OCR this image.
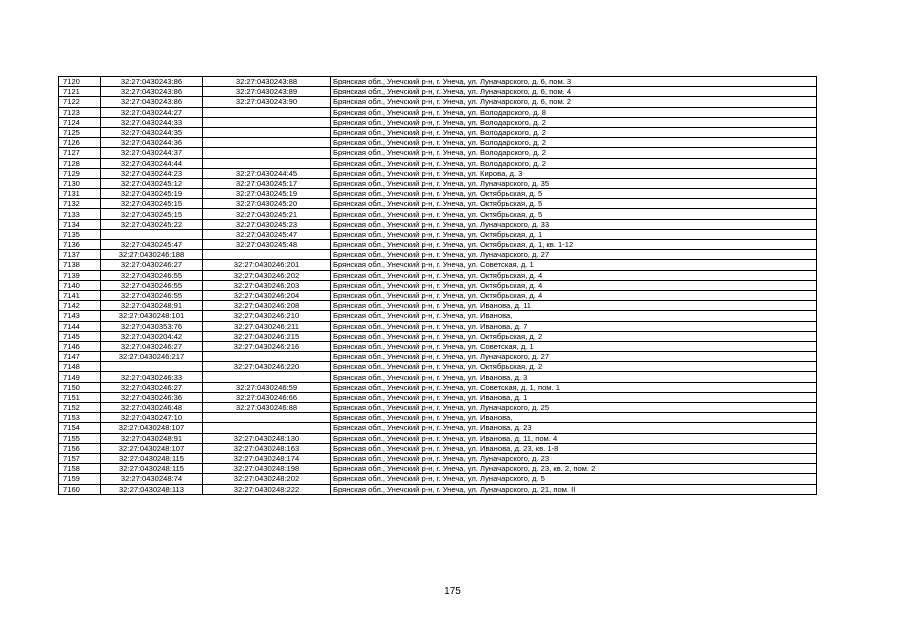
7120	32:27:0430243:86	32:27:0430243:88	Брянская обл., Унечский р-н, г. Унеча, ул. Луначарского, д. 6, пом. 3
7121	32:27:0430243:86	32:27:0430243:89	Брянская обл., Унечский р-н, г. Унеча, ул. Луначарского, д. 6, пом. 4
7122	32:27:0430243:86	32:27:0430243:90	Брянская обл., Унечский р-н, г. Унеча, ул. Луначарского, д. 6, пом. 2
7123	32:27:0430244:27		Брянская обл., Унечский р-н, г. Унеча, ул. Володарского, д. 8
7124	32:27:0430244:33		Брянская обл., Унечский р-н, г. Унеча, ул. Володарского, д. 2
7125	32:27:0430244:35		Брянская обл., Унечский р-н, г. Унеча, ул. Володарского, д. 2
7126	32:27:0430244:36		Брянская обл., Унечский р-н, г. Унеча, ул. Володарского, д. 2
7127	32:27:0430244:37		Брянская обл., Унечский р-н, г. Унеча, ул. Володарского, д. 2
7128	32:27:0430244:44		Брянская обл., Унечский р-н, г. Унеча, ул. Володарского, д. 2
7129	32:27:0430244:23	32:27:0430244:45	Брянская обл., Унечский р-н, г. Унеча, ул. Кирова, д. 3
7130	32:27:0430245:12	32:27:0430245:17	Брянская обл., Унечский р-н, г. Унеча, ул. Луначарского, д. 35
7131	32:27:0430245:19	32:27:0430245:19	Брянская обл., Унечский р-н, г. Унеча, ул. Октябрьская, д. 5
7132	32:27:0430245:15	32:27:0430245:20	Брянская обл., Унечский р-н, г. Унеча, ул. Октябрьская, д. 5
7133	32:27:0430245:15	32:27:0430245:21	Брянская обл., Унечский р-н, г. Унеча, ул. Октябрьская, д. 5
7134	32:27:0430245:22	32:27:0430245:23	Брянская обл., Унечский р-н, г. Унеча, ул. Луначарского, д. 33
7135		32:27:0430245:47	Брянская обл., Унечский р-н, г. Унеча, ул. Октябрьская, д. 1
7136	32:27:0430245:47	32:27:0430245:48	Брянская обл., Унечский р-н, г. Унеча, ул. Октябрьская, д. 1, кв. 1-12
7137	32:27:0430246:188		Брянская обл., Унечский р-н, г. Унеча, ул. Луначарского, д. 27
7138	32:27:0430246:27	32:27:0430246:201	Брянская обл., Унечский р-н, г. Унеча, ул. Советская, д. 1
7139	32:27:0430246:55	32:27:0430246:202	Брянская обл., Унечский р-н, г. Унеча, ул. Октябрьская, д. 4
7140	32:27:0430246:55	32:27:0430246:203	Брянская обл., Унечский р-н, г. Унеча, ул. Октябрьская, д. 4
7141	32:27:0430246:55	32:27:0430246:204	Брянская обл., Унечский р-н, г. Унеча, ул. Октябрьская, д. 4
7142	32:27:0430248:91	32:27:0430246:208	Брянская обл., Унечский р-н, г. Унеча, ул. Иванова, д. 11
7143	32:27:0430248:101	32:27:0430246:210	Брянская обл., Унечский р-н, г. Унеча, ул. Иванова,
7144	32:27:0430353:76	32:27:0430246:211	Брянская обл., Унечский р-н, г. Унеча, ул. Иванова, д. 7
7145	32:27:0430204:42	32:27:0430246:215	Брянская обл., Унечский р-н, г. Унеча, ул. Октябрьская, д. 2
7146	32:27:0430246:27	32:27:0430246:216	Брянская обл., Унечский р-н, г. Унеча, ул. Советская, д. 1
7147	32:27:0430246:217		Брянская обл., Унечский р-н, г. Унеча, ул. Луначарского, д. 27
7148		32:27:0430246:220	Брянская обл., Унечский р-н, г. Унеча, ул. Октябрьская, д. 2
7149	32:27:0430246:33		Брянская обл., Унечский р-н, г. Унеча, ул. Иванова, д. 3
7150	32:27:0430246:27	32:27:0430246:59	Брянская обл., Унечский р-н, г. Унеча, ул. Советская, д. 1, пом. 1
7151	32:27:0430246:36	32:27:0430246:66	Брянская обл., Унечский р-н, г. Унеча, ул. Иванова, д. 1
7152	32:27:0430246:48	32:27:0430246:88	Брянская обл., Унечский р-н, г. Унеча, ул. Луначарского, д. 25
7153	32:27:0430247:10		Брянская обл., Унечский р-н, г. Унеча, ул. Иванова,
7154	32:27:0430248:107		Брянская обл., Унечский р-н, г. Унеча, ул. Иванова, д. 23
7155	32:27:0430248:91	32:27:0430248:130	Брянская обл., Унечский р-н, г. Унеча, ул. Иванова, д. 11, пом. 4
7156	32:27:0430248:107	32:27:0430248:163	Брянская обл., Унечский р-н, г. Унеча, ул. Иванова, д. 23, кв. 1-8
7157	32:27:0430248:115	32:27:0430248:174	Брянская обл., Унечский р-н, г. Унеча, ул. Луначарского, д. 23
7158	32:27:0430248:115	32:27:0430248:198	Брянская обл., Унечский р-н, г. Унеча, ул. Луначарского, д. 23, кв. 2, пом. 2
7159	32:27:0430248:74	32:27:0430248:202	Брянская обл., Унечский р-н, г. Унеча, ул. Луначарского, д. 5
7160	32:27:0430248:113	32:27:0430248:222	Брянская обл., Унечский р-н, г. Унеча, ул. Луначарского, д. 21, пом. II
175
